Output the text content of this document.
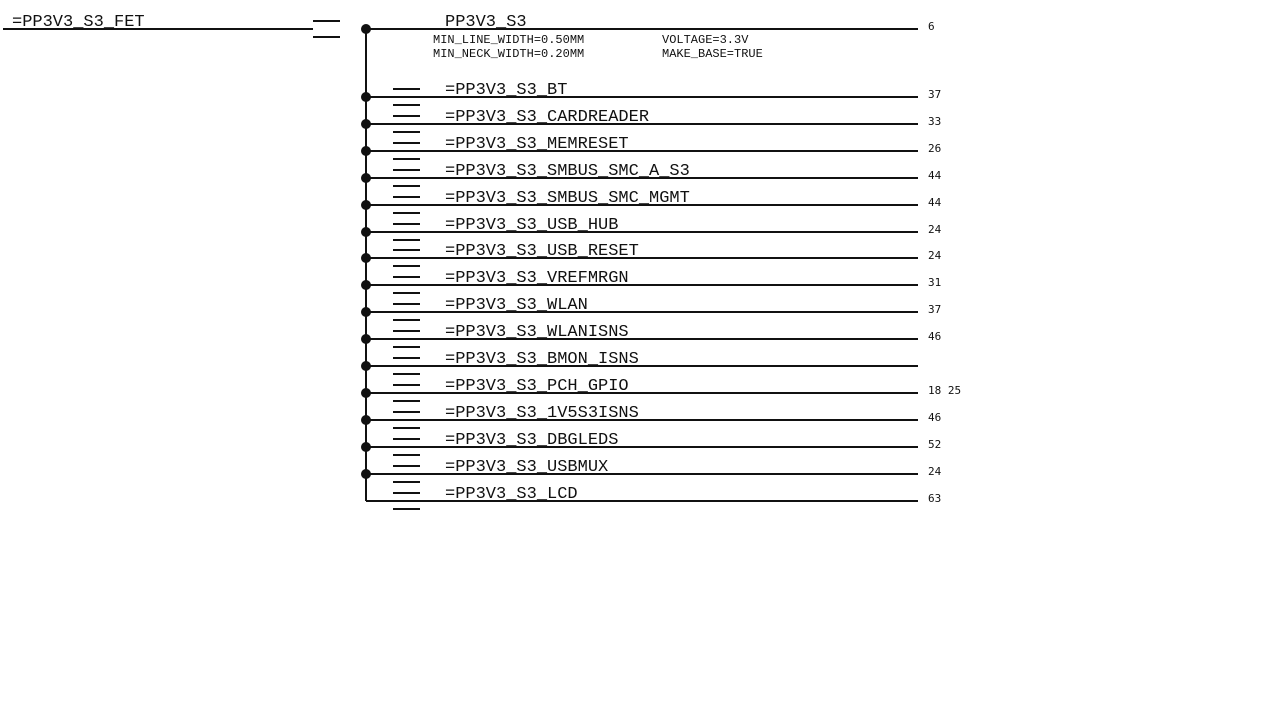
=PP3V3_S3_FET	PP3V3_S3	6
MIN_LINE_WIDTH=0.50MM
MIN_NECK_WIDTH=0.20MM
VOLTAGE=3.3V
MAKE_BASE=TRUE
=PP3V3_S3_BT	37
=PP3V3_S3_CARDREADER	33
=PP3V3_S3_MEMRESET	26
=PP3V3_S3_SMBUS_SMC_A_S3	44
=PP3V3_S3_SMBUS_SMC_MGMT	44
=PP3V3_S3_USB_HUB	24
=PP3V3_S3_USB_RESET	24
=PP3V3_S3_VREFMRGN	31
=PP3V3_S3_WLAN	37
=PP3V3_S3_WLANISNS	46
=PP3V3_S3_BMON_ISNS
=PP3V3_S3_PCH_GPIO	18 25
=PP3V3_S3_1V5S3ISNS	46
=PP3V3_S3_DBGLEDS	52
=PP3V3_S3_USBMUX	24
=PP3V3_S3_LCD	63
